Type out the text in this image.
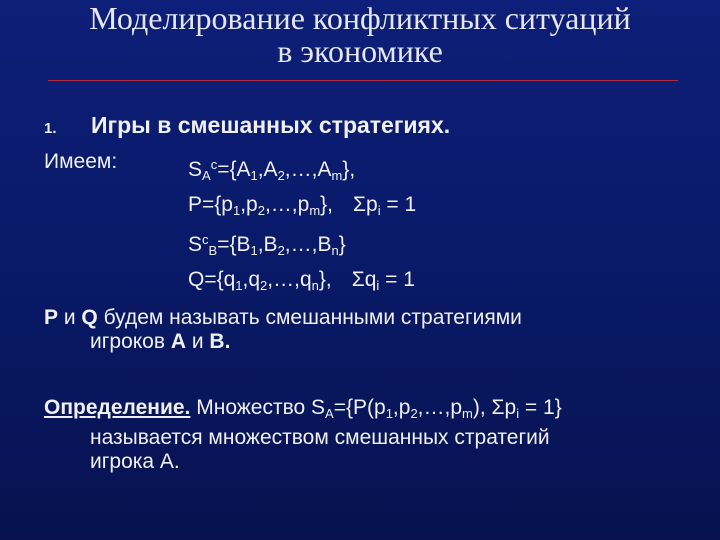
Моделирование конфликтных ситуаций
в экономике
1. Игры в смешанных стратегиях.
Имеем:	$S_A^c=\{A_1,A_2,\dots,A_m\}$,
$P=\{p_1,p_2,\dots,p_m\}$, $\Sigma p_i = 1$
$S^c_B=\{B_1,B_2,\dots,B_n\}$
$Q=\{q_1,q_2,\dots,q_n\}$, $\Sigma q_i = 1$
P и Q будем называть смешанными стратегиями
игроков А и В.
Определение. Множество $S_A=\{P(p_1,p_2,\dots,p_m)$, $\Sigma p_i = 1$}
называется множеством смешанных стратегий
игрока А.
